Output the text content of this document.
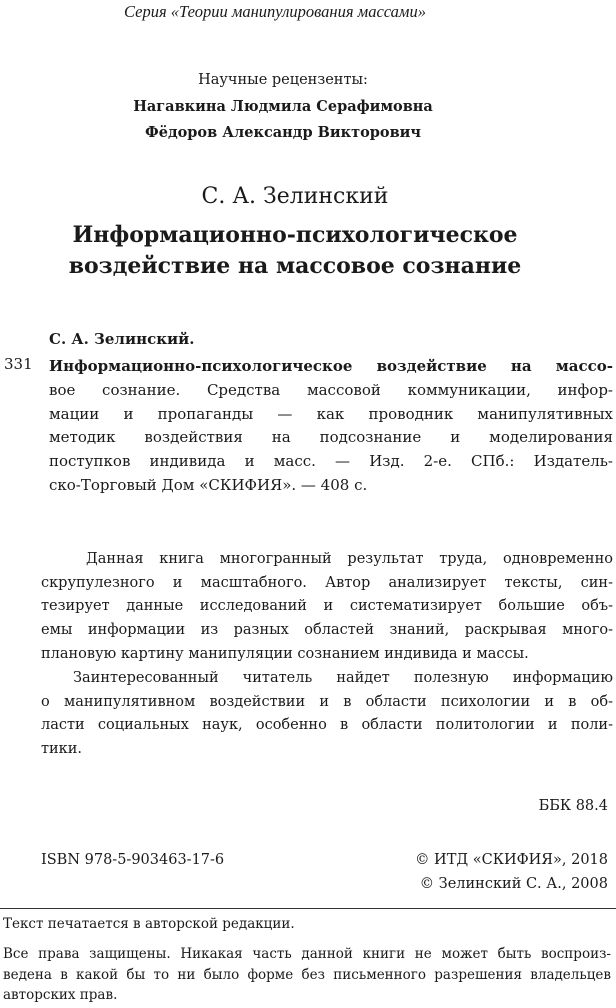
Серия «Теории манипулирования массами»
Научные рецензенты:
Нагавкина Людмила Серафимовна
Фёдоров Александр Викторович
С. А. Зелинский
Информационно-психологическое
воздействие на массовое сознание
С. А. Зелинский.
331 Информационно-психологическое воздействие на массо-
вое сознание. Средства массовой коммуникации, инфор-
мации и пропаганды — как проводник манипулятивных
методик воздействия на подсознание и моделирования
поступков индивида и масс. — Изд. 2-е. СПб.: Издатель-
ско-Торговый Дом «СКИФИЯ». — 408 с.
Данная книга многогранный результат труда, одновременно
скрупулезного и масштабного. Автор анализирует тексты, син-
тезирует данные исследований и систематизирует большие объ-
емы информации из разных областей знаний, раскрывая много-
плановую картину манипуляции сознанием индивида и массы.
Заинтересованный читатель найдет полезную информацию
о манипулятивном воздействии и в области психологии и в об-
ласти социальных наук, особенно в области политологии и поли-
тики.
ББК 88.4
ISBN 978-5-903463-17-6	© ИТД «СКИФИЯ», 2018
© Зелинский С. А., 2008
Текст печатается в авторской редакции.
Все права защищены. Никакая часть данной книги не может быть воспроиз-
ведена в какой бы то ни было форме без письменного разрешения владельцев
авторских прав.
